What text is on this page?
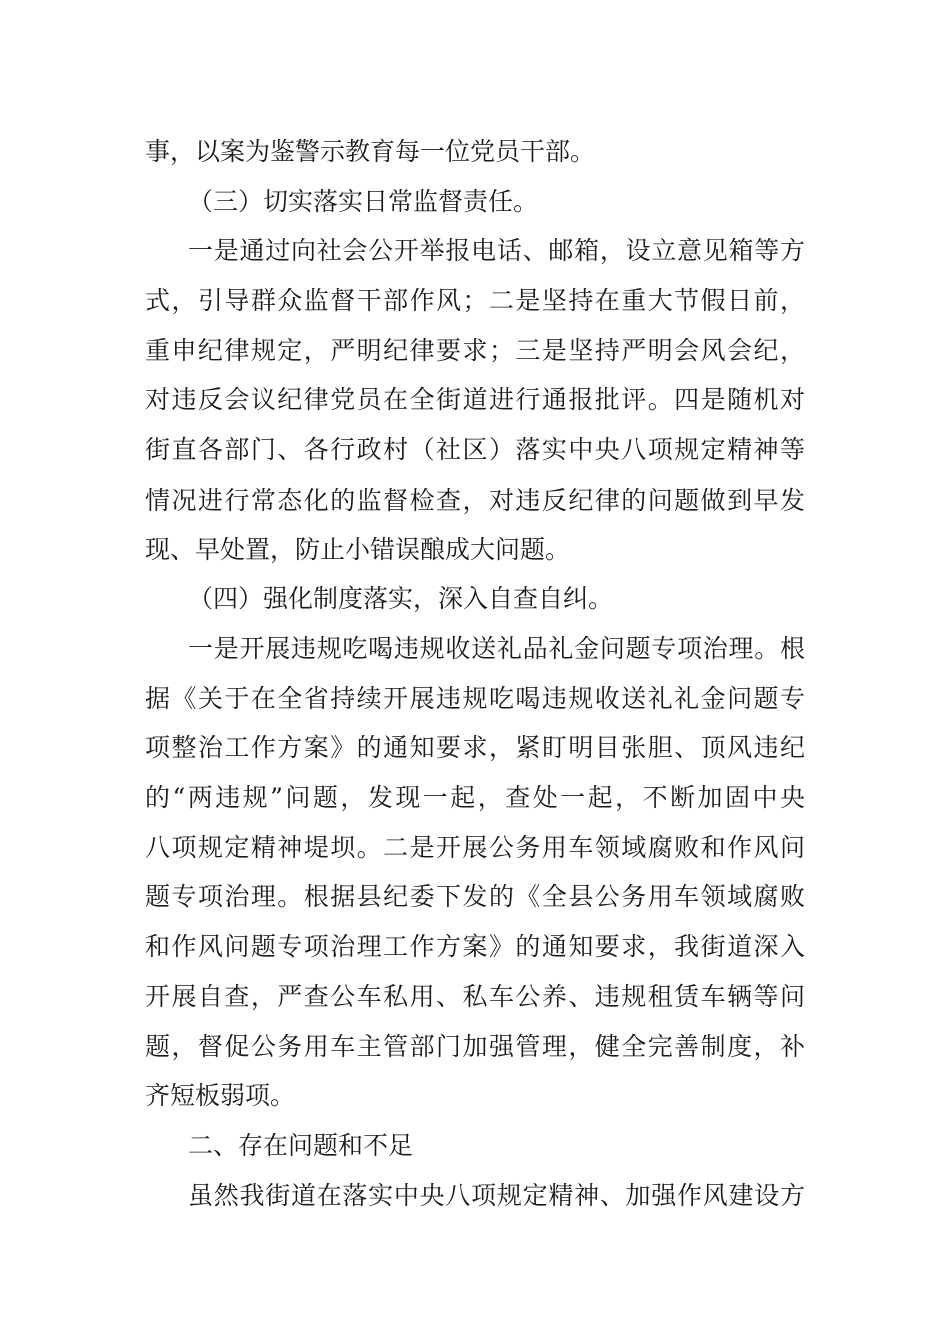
事，以案为鉴警示教育每一位党员干部。
（三）切实落实日常监督责任。
一是通过向社会公开举报电话、邮箱，设立意见箱等方
式，引导群众监督干部作风；二是坚持在重大节假日前，
重申纪律规定，严明纪律要求；三是坚持严明会风会纪，
对违反会议纪律党员在全街道进行通报批评。四是随机对
街直各部门、各行政村（社区）落实中央八项规定精神等
情况进行常态化的监督检查，对违反纪律的问题做到早发
现、早处置，防止小错误酿成大问题。
（四）强化制度落实，深入自查自纠。
一是开展违规吃喝违规收送礼品礼金问题专项治理。根
据《关于在全省持续开展违规吃喝违规收送礼礼金问题专
项整治工作方案》的通知要求，紧盯明目张胆、顶风违纪
的“两违规”问题，发现一起，查处一起，不断加固中央
八项规定精神堤坝。二是开展公务用车领域腐败和作风问
题专项治理。根据县纪委下发的《全县公务用车领域腐败
和作风问题专项治理工作方案》的通知要求，我街道深入
开展自查，严查公车私用、私车公养、违规租赁车辆等问
题，督促公务用车主管部门加强管理，健全完善制度，补
齐短板弱项。
二、存在问题和不足
虽然我街道在落实中央八项规定精神、加强作风建设方
